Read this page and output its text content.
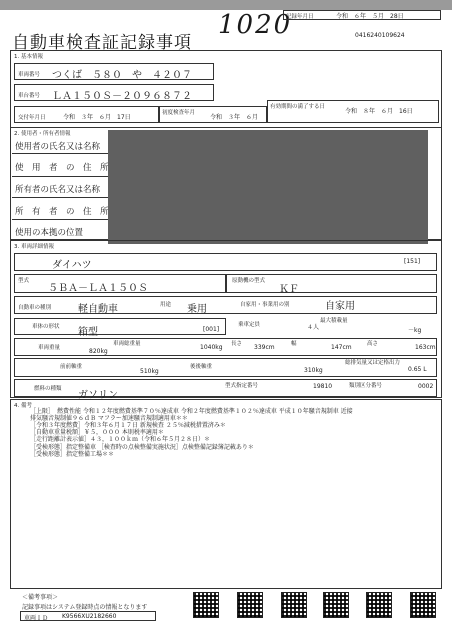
自動車検査証記録事項
1020
記録年月日	令和　６年　５月　28日
0416240109624
1. 基本情報
車両番号 つくば　５８０　や　４２０７
車台番号 ＬＡ１５０Ｓ－２０９６８７２
交付年月日	令和　３年　６月　17日
初度検査年月
令和　３年　６月
有効期間の満了する日
令和　８年　６月　16日
2. 使用者・所有者情報
使用者の氏名又は名称
使　用　者　の　住　所
所有者の氏名又は名称
所　有　者　の　住　所
使用の本拠の位置
3. 車両詳細情報
ダイハツ	[151]
型式
５ＢＡ－ＬＡ１５０Ｓ
原動機の型式
ＫＦ
自動車の種別	軽自動車	用途 乗用	自家用・事業用の別	自家用
車体の形状 箱型	[001]
乗車定員	４人
最大積載量
－kg
車両重量	820kg
車両総重量	1040kg 長さ 339cm	幅	147cm	高さ	163cm
前前軸重
510kg
後後軸重	310kg
総排気量又は定格出力
0.65 L
燃料の種類
ガソリン
型式指定番号	19810	類別区分番号	0002
4. 備考
［上限］　燃費性能 令和１２年度燃費基準７０％達成車 令和２年度燃費基準１０２％達成車 平成１０年騒音規制車 近接
排気騒音規制値９６ｄＢ マフラー加速騒音規制適用車＊＊
［令和３年度燃費］令和３年６月１７日 新規検査 ２５％減税措置済み＊
［自動車重量税額］￥５，０００ 本則税率適用＊
［走行距離計表示値］４３，１００ｋｍ（令和６年５月２８日）＊
［受検形態］指定整備車 ［検査時の点検整備実施状況］点検整備記録簿記載あり＊
［受検形態］指定整備工場＊＊
＜備考事項＞
記録事項はシステム登録時点の情報となります
車両ＩＤ K9566XU2182660
